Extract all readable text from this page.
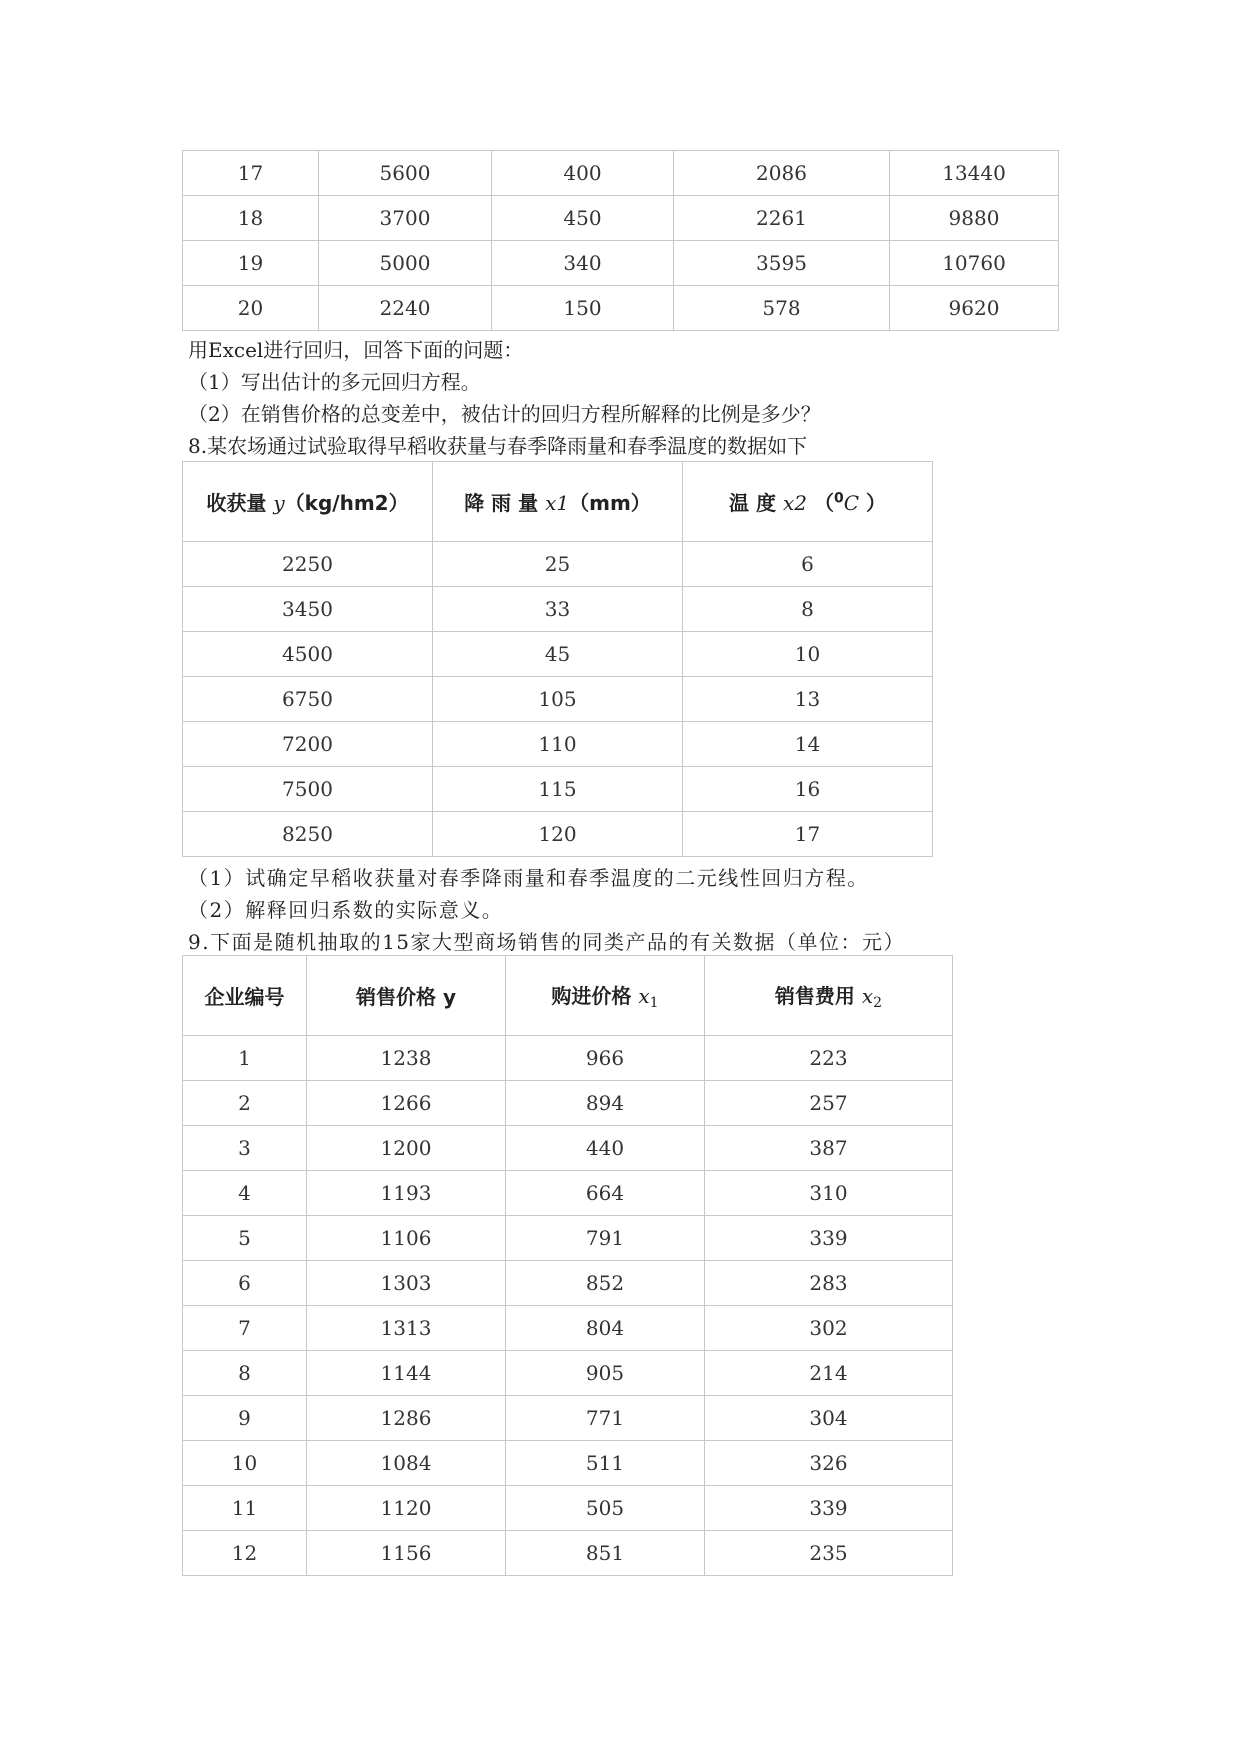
17	5600	400	2086	13440
18	3700	450	2261	9880
19	5000	340	3595	10760
20	2240	150	578	9620
用Excel进行回归，回答下面的问题：
（1）写出估计的多元回归方程。
（2）在销售价格的总变差中，被估计的回归方程所解释的比例是多少？
8.某农场通过试验取得早稻收获量与春季降雨量和春季温度的数据如下
收获量 y（kg/hm2）	降 雨 量 x1（mm）	温 度 x2 （$^0$C ）
2250	25	6
3450	33	8
4500	45	10
6750	105	13
7200	110	14
7500	115	16
8250	120	17
（1）试确定早稻收获量对春季降雨量和春季温度的二元线性回归方程。
（2）解释回归系数的实际意义。
9.下面是随机抽取的15家大型商场销售的同类产品的有关数据（单位：元）
企业编号	销售价格 y	购进价格 $x_1$	销售费用 $x_2$
1	1238	966	223
2	1266	894	257
3	1200	440	387
4	1193	664	310
5	1106	791	339
6	1303	852	283
7	1313	804	302
8	1144	905	214
9	1286	771	304
10	1084	511	326
11	1120	505	339
12	1156	851	235
